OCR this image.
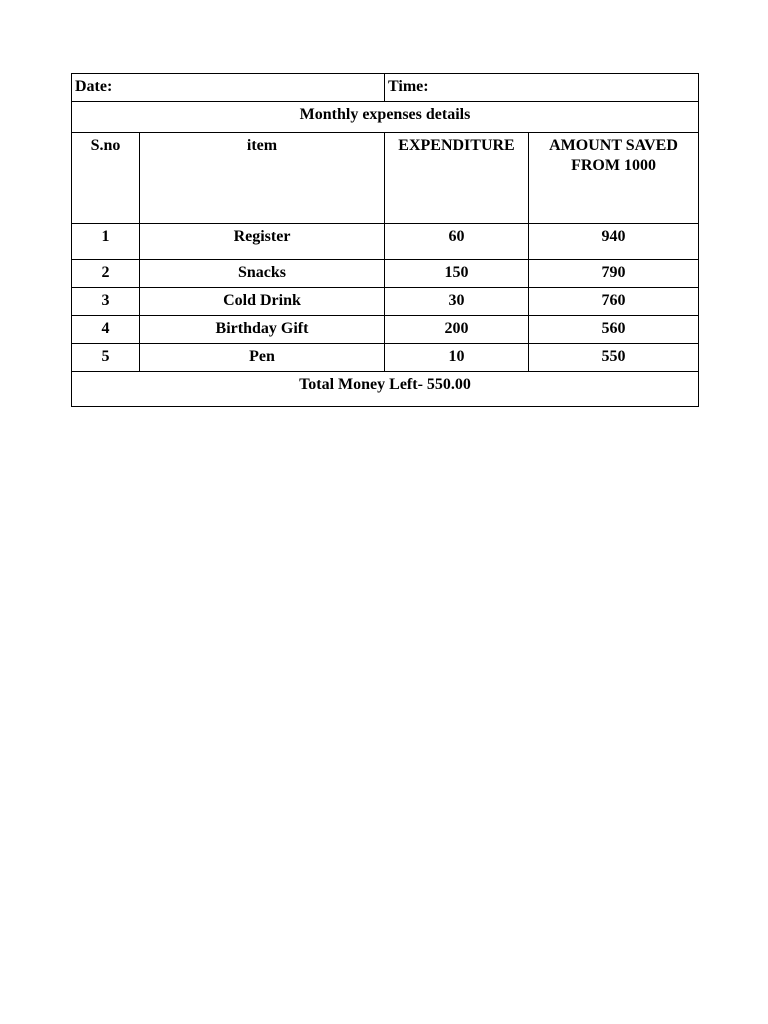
Date:		Time:	
Monthly expenses details			
S.no	item	EXPENDITURE	AMOUNT SAVED
FROM 1000

1	Register	60	940
2	Snacks	150	790
3	Cold Drink	30	760
4	Birthday Gift	200	560
5	Pen	10	550
Total Money Left- 550.00			
